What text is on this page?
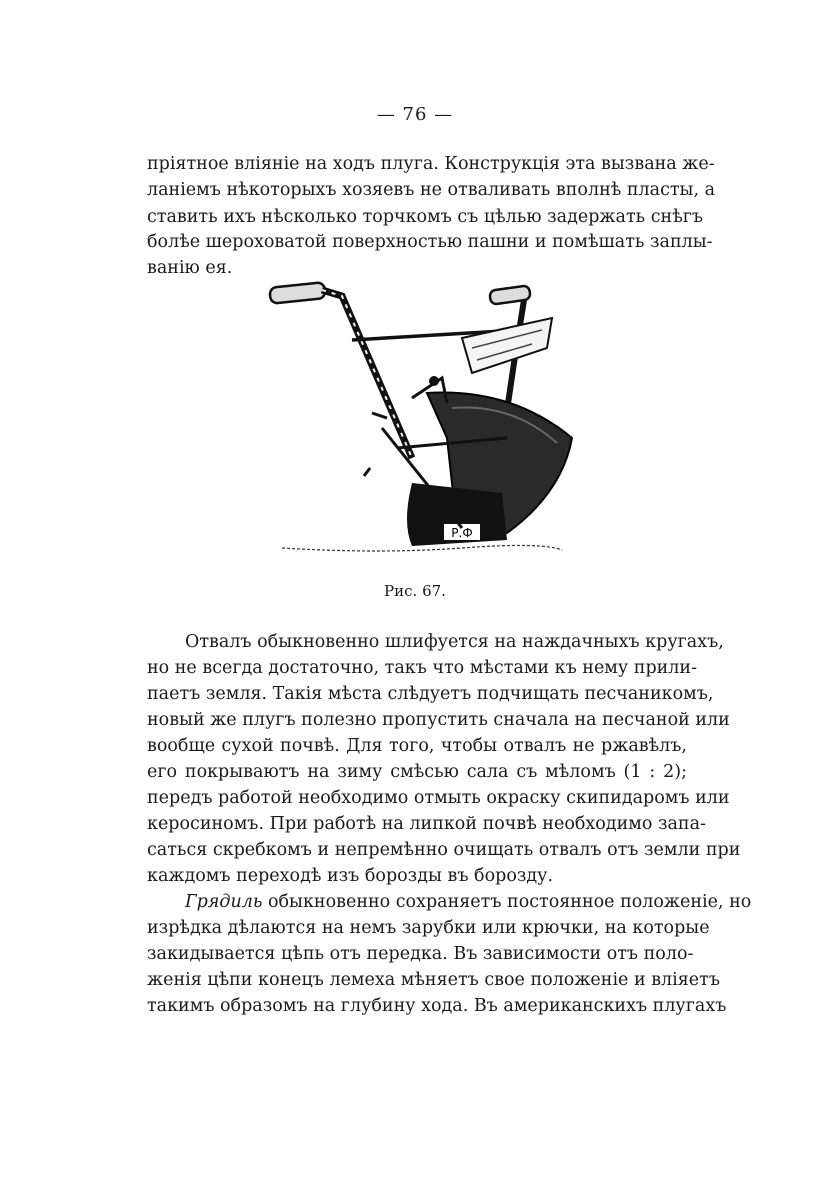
— 76 —
пріятное вліяніе на ходъ плуга. Конструкція эта вызвана же-
ланіемъ нѣкоторыхъ хозяевъ не отваливать вполнѣ пласты, а
ставить ихъ нѣсколько торчкомъ съ цѣлью задержать снѣгъ
болѣе шероховатой поверхностью пашни и помѣшать заплы-
ванію ея.
Р.Ф
Рис. 67.
Отвалъ обыкновенно шлифуется на наждачныхъ кругахъ,
но не всегда достаточно, такъ что мѣстами къ нему прили-
паетъ земля. Такія мѣста слѣдуетъ подчищать песчаникомъ,
новый же плугъ полезно пропустить сначала на песчаной или
вообще сухой почвѣ. Для того, чтобы отвалъ не ржавѣлъ,
его покрываютъ на зиму смѣсью сала съ мѣломъ (1 : 2);
передъ работой необходимо отмыть окраску скипидаромъ или
керосиномъ. При работѣ на липкой почвѣ необходимо запа-
саться скребкомъ и непремѣнно очищать отвалъ отъ земли при
каждомъ переходѣ изъ борозды въ борозду.
Грядиль обыкновенно сохраняетъ постоянное положеніе, но
изрѣдка дѣлаются на немъ зарубки или крючки, на которые
закидывается цѣпь отъ передка. Въ зависимости отъ поло-
женія цѣпи конецъ лемеха мѣняетъ свое положеніе и вліяетъ
такимъ образомъ на глубину хода. Въ американскихъ плугахъ
